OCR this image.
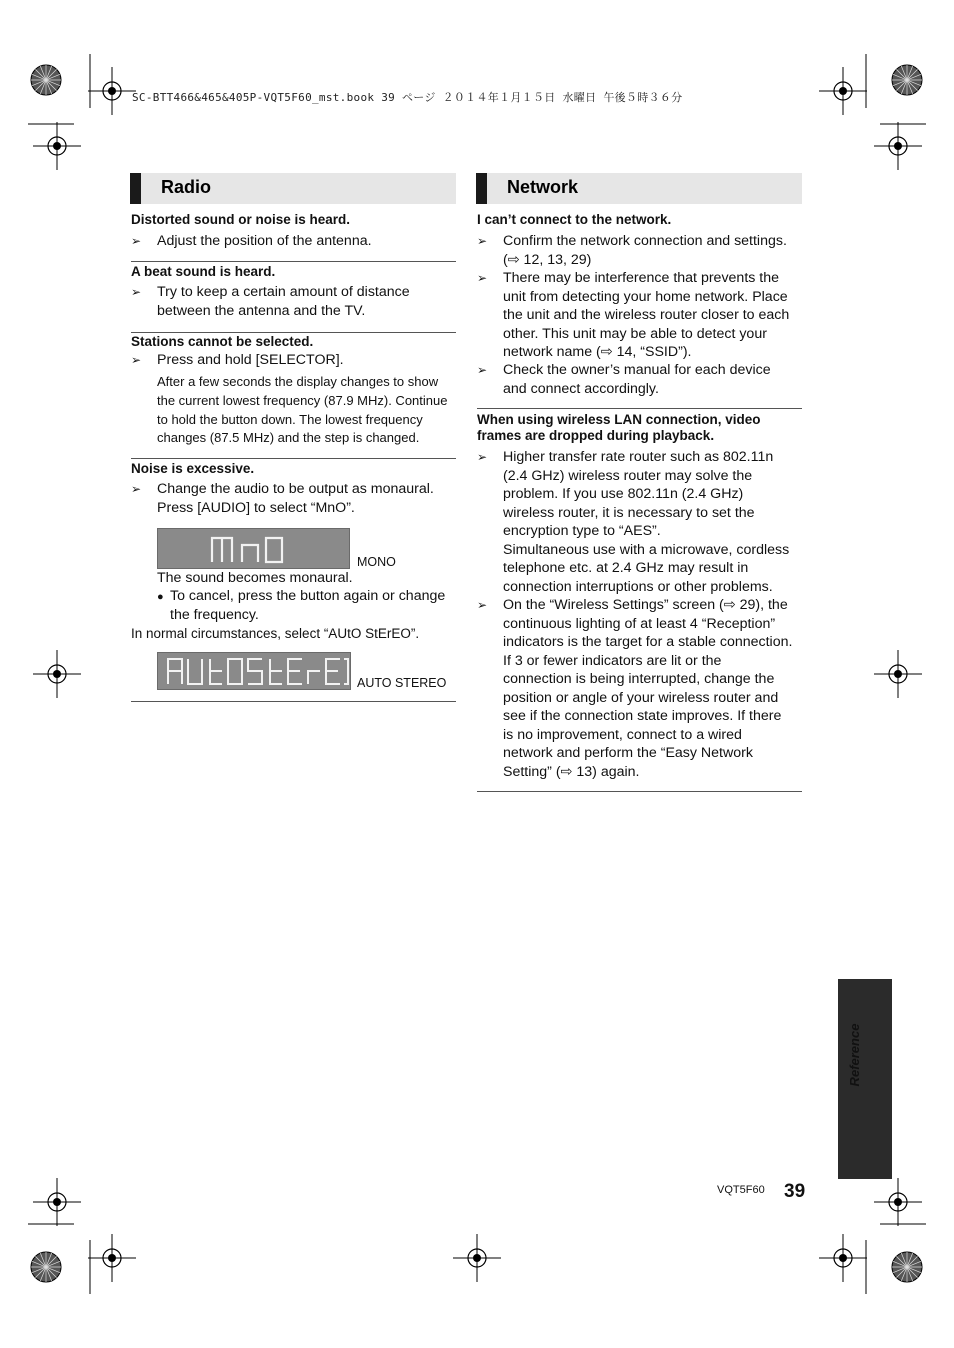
SC-BTT466&465&405P-VQT5F60_mst.book 39 ページ ２０１４年１月１５日 水曜日 午後５時３６分
Radio
Distorted sound or noise is heard.
➢ Adjust the position of the antenna.
A beat sound is heard.
➢ Try to keep a certain amount of distance
between the antenna and the TV.
Stations cannot be selected.
➢ Press and hold [SELECTOR].
After a few seconds the display changes to show
the current lowest frequency (87.9 MHz). Continue
to hold the button down. The lowest frequency
changes (87.5 MHz) and the step is changed.
Noise is excessive.
➢ Change the audio to be output as monaural.
Press [AUDIO] to select “MnO”.
MONO
The sound becomes monaural.
● To cancel, press the button again or change
the frequency.
In normal circumstances, select “AUtO StErEO”.
AUTO STEREO
Network
I can’t connect to the network.
➢ Confirm the network connection and settings.
(⇨ 12, 13, 29)
➢ There may be interference that prevents the
unit from detecting your home network. Place
the unit and the wireless router closer to each
other. This unit may be able to detect your
network name (⇨ 14, “SSID”).
➢ Check the owner’s manual for each device
and connect accordingly.
When using wireless LAN connection, video
frames are dropped during playback.
➢ Higher transfer rate router such as 802.11n
(2.4 GHz) wireless router may solve the
problem. If you use 802.11n (2.4 GHz)
wireless router, it is necessary to set the
encryption type to “AES”.
Simultaneous use with a microwave, cordless
telephone etc. at 2.4 GHz may result in
connection interruptions or other problems.
➢ On the “Wireless Settings” screen (⇨ 29), the
continuous lighting of at least 4 “Reception”
indicators is the target for a stable connection.
If 3 or fewer indicators are lit or the
connection is being interrupted, change the
position or angle of your wireless router and
see if the connection state improves. If there
is no improvement, connect to a wired
network and perform the “Easy Network
Setting” (⇨ 13) again.
Reference
VQT5F60 39
